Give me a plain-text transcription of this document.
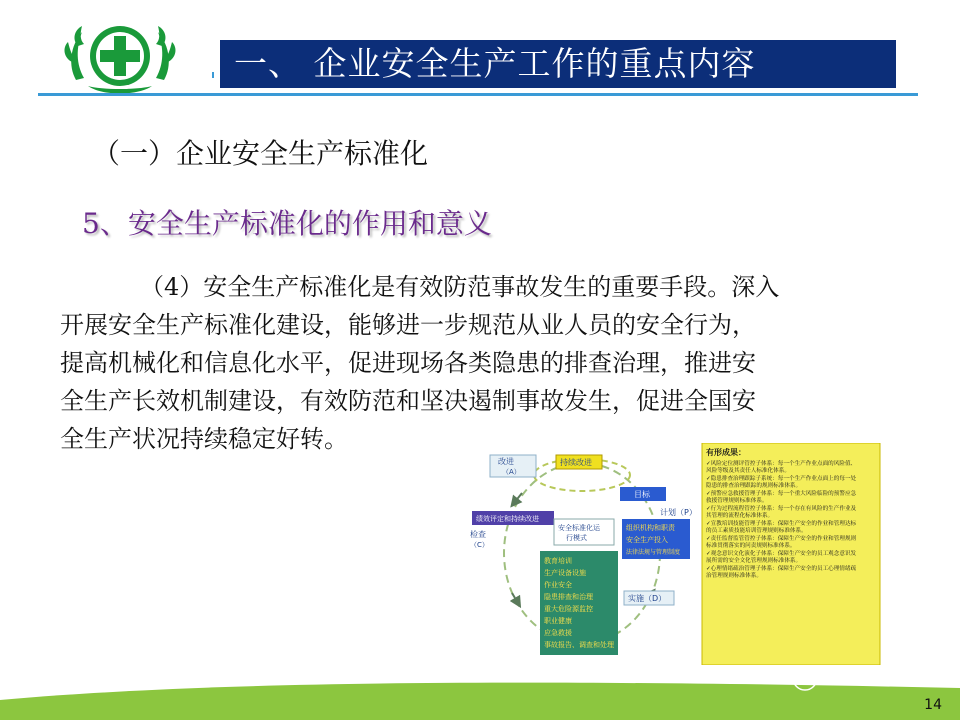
一、 企业安全生产工作的重点内容
（一）企业安全生产标准化
5、安全生产标准化的作用和意义
（4）安全生产标准化是有效防范事故发生的重要手段。深入
开展安全生产标准化建设，能够进一步规范从业人员的安全行为，
提高机械化和信息化水平，促进现场各类隐患的排查治理，推进安
全生产长效机制建设，有效防范和坚决遏制事故发生，促进全国安
全生产状况持续稳定好转。
改进
（A）
持续改进
目标
计划（P）
绩效评定和持续改进
检查
（C）
安全标准化运
行模式
组织机构和职责
安全生产投入
法律法规与管理制度
教育培训
生产设备设施
作业安全
隐患排查和治理
重大危险源监控
职业健康
应急救援
事故报告、调查和处理
实施（D）
有形成果：
✓风险定位测评管控子体系：每一个生产作业点面的风险值、
风险等级及其责任人标准化体系。
✓隐患排查治理跟踪子系统：每一个生产作业点面上的每一处
隐患的排查治理跟踪的规则标准体系。
✓预警应急救援管理子体系：每一个重大风险临险的预警应急
救援管理规则标准体系。
✓行为过程流程管控子体系：每一个存在有风险的生产作业及
其管理的流程化标准体系。
✓宣教培训技能管理子体系：保障生产安全的作业和管理达标
的员工素质技能培训管理规则标准体系。
✓责任监督监管管控子体系：保障生产安全的作业和管理规则
标准贯彻落实的问责规则标准体系。
✓观念意识文化演化子体系：保障生产安全的员工观念意识发
展所需的安全文化管理规则标准体系。
✓心理情绪疏治管理子体系：保障生产安全的员工心理情绪疏
治管理规则标准体系。
安全应急
14
